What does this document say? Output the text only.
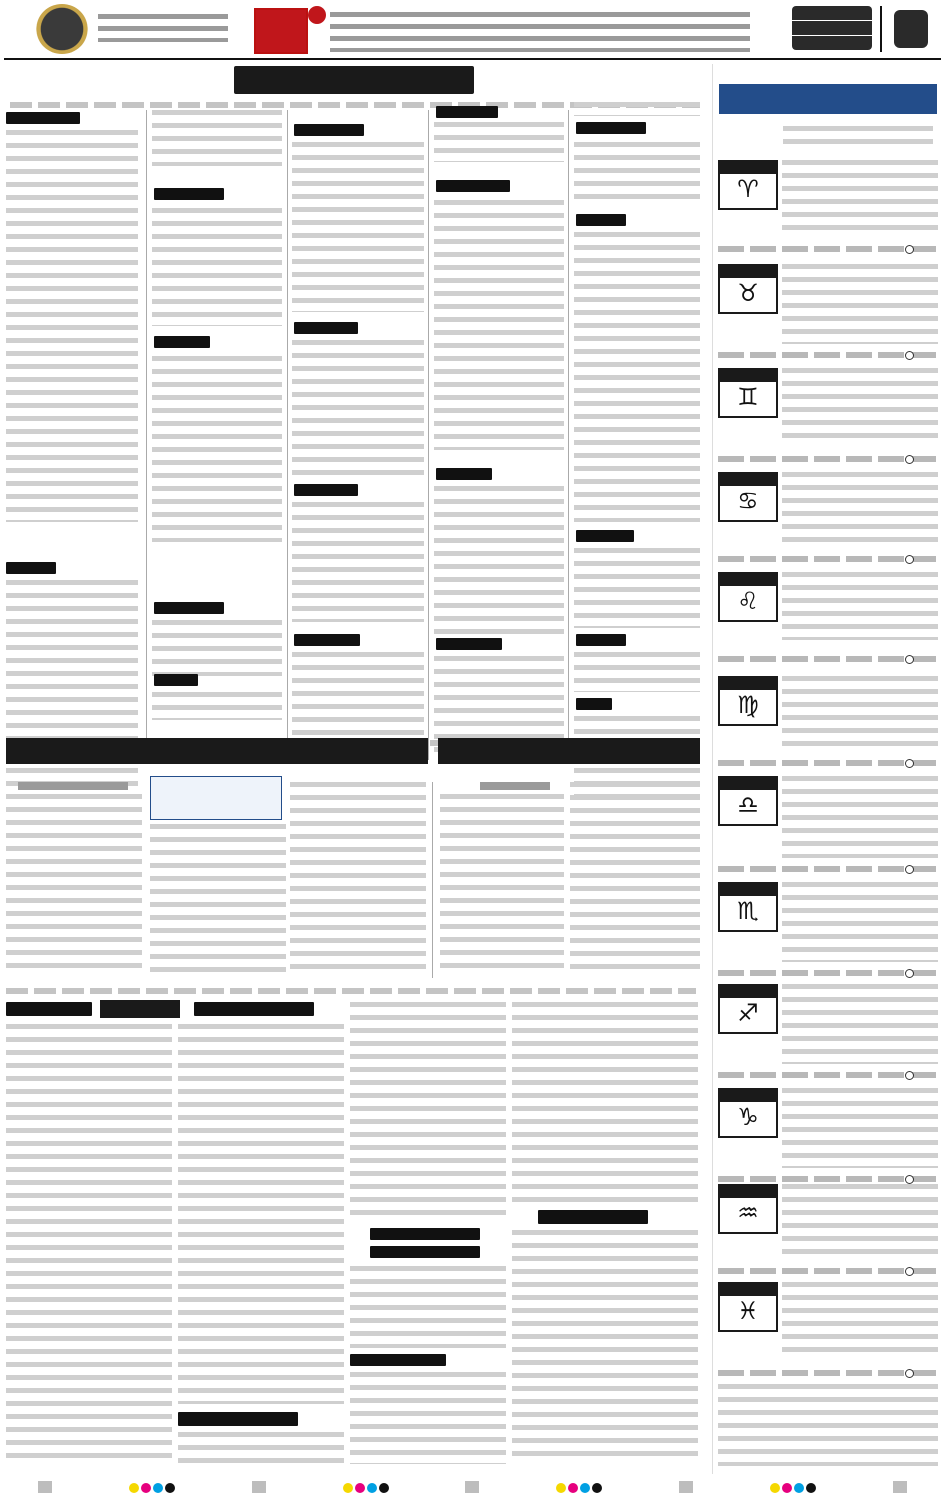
♈
♉
♊
♋
♌
♍
♎
♏
♐
♑
♒
♓
